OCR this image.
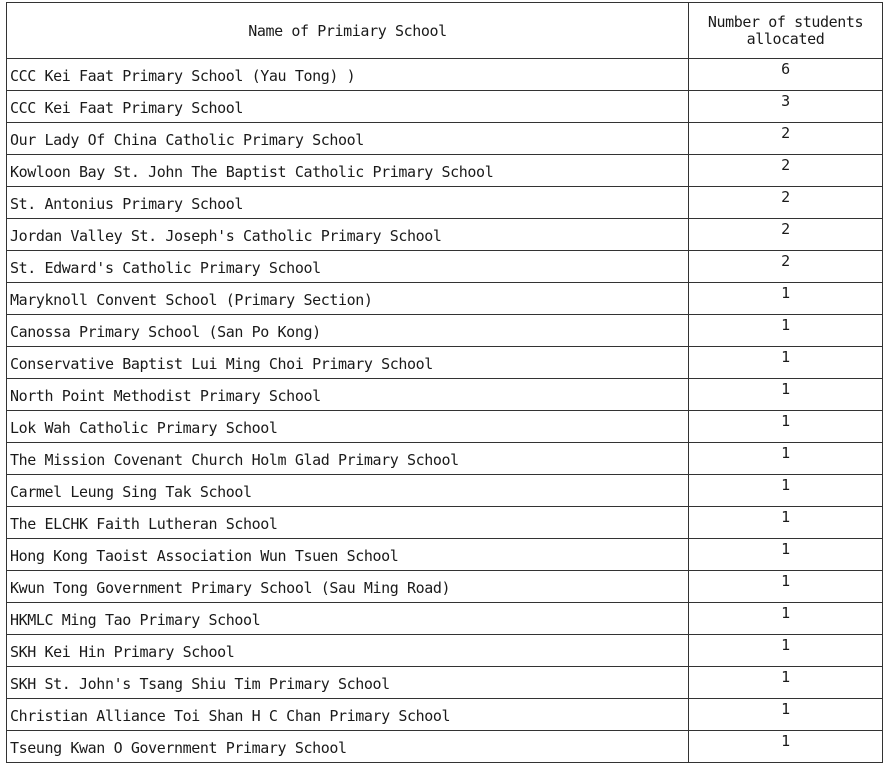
Name of Primiary School	Number of students allocated
CCC Kei Faat Primary School (Yau Tong) )	6
CCC Kei Faat Primary School	3
Our Lady Of China Catholic Primary School	2
Kowloon Bay St. John The Baptist Catholic Primary School	2
St. Antonius Primary School	2
Jordan Valley St. Joseph's Catholic Primary School	2
St. Edward's Catholic Primary School	2
Maryknoll Convent School (Primary Section)	1
Canossa Primary School (San Po Kong)	1
Conservative Baptist Lui Ming Choi Primary School	1
North Point Methodist Primary School	1
Lok Wah Catholic Primary School	1
The Mission Covenant Church Holm Glad Primary School	1
Carmel Leung Sing Tak School	1
The ELCHK Faith Lutheran School	1
Hong Kong Taoist Association Wun Tsuen School	1
Kwun Tong Government Primary School (Sau Ming Road)	1
HKMLC Ming Tao Primary School	1
SKH Kei Hin Primary School	1
SKH St. John's Tsang Shiu Tim Primary School	1
Christian Alliance Toi Shan H C Chan Primary School	1
Tseung Kwan O Government Primary School	1
